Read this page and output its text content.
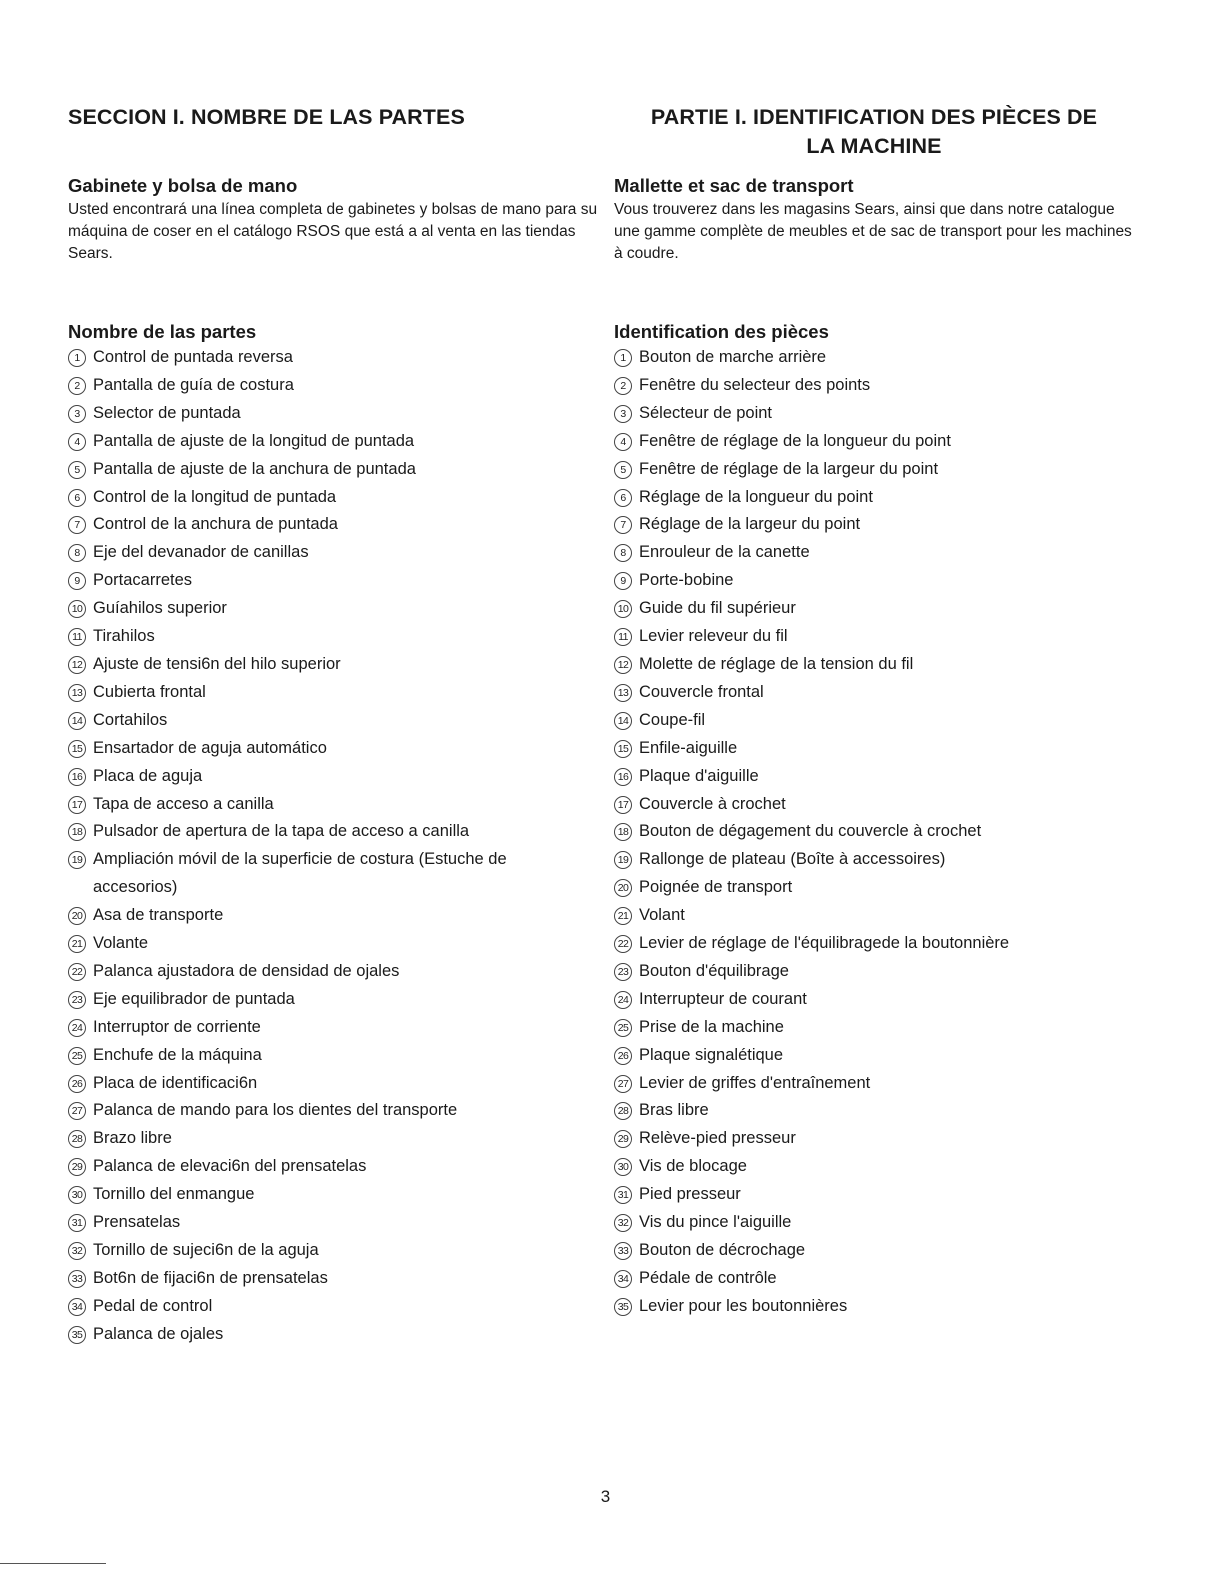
SECCION I. NOMBRE DE LAS PARTES
Gabinete y bolsa de mano

Usted encontrará una línea completa de gabinetes y bolsas de mano para su máquina de coser en el catálogo RSOS que está a al venta en las tiendas Sears.

Nombre de las partes
1 Control de puntada reversa
2 Pantalla de guía de costura
3 Selector de puntada
4 Pantalla de ajuste de la longitud de puntada
5 Pantalla de ajuste de la anchura de puntada
6 Control de la longitud de puntada
7 Control de la anchura de puntada
8 Eje del devanador de canillas
9 Portacarretes
10 Guíahilos superior
11 Tirahilos
12 Ajuste de tensi6n del hilo superior
13 Cubierta frontal
14 Cortahilos
15 Ensartador de aguja automático
16 Placa de aguja
17 Tapa de acceso a canilla
18 Pulsador de apertura de la tapa de acceso a canilla
19 Ampliación móvil de la superficie de costura (Estuche de
accesorios)
20 Asa de transporte
21 Volante
22 Palanca ajustadora de densidad de ojales
23 Eje equilibrador de puntada
24 Interruptor de corriente
25 Enchufe de la máquina
26 Placa de identificaci6n
27 Palanca de mando para los dientes del transporte
28 Brazo libre
29 Palanca de elevaci6n del prensatelas
30 Tornillo del enmangue
31 Prensatelas
32 Tornillo de sujeci6n de la aguja
33 Bot6n de fijaci6n de prensatelas
34 Pedal de control
35 Palanca de ojales
PARTIE I. IDENTIFICATION DES PIÈCES DE
LA MACHINE
Mallette et sac de transport

Vous trouverez dans les magasins Sears, ainsi que dans notre catalogue une gamme complète de meubles et de sac de transport pour les machines à coudre.

Identification des pièces
1 Bouton de marche arrière
2 Fenêtre du selecteur des points
3 Sélecteur de point
4 Fenêtre de réglage de la longueur du point
5 Fenêtre de réglage de la largeur du point
6 Réglage de la longueur du point
7 Réglage de la largeur du point
8 Enrouleur de la canette
9 Porte-bobine
10 Guide du fil supérieur
11 Levier releveur du fil
12 Molette de réglage de la tension du fil
13 Couvercle frontal
14 Coupe-fil
15 Enfile-aiguille
16 Plaque d'aiguille
17 Couvercle à crochet
18 Bouton de dégagement du couvercle à crochet
19 Rallonge de plateau (Boîte à accessoires)
20 Poignée de transport
21 Volant
22 Levier de réglage de l'équilibragede la boutonnière
23 Bouton d'équilibrage
24 Interrupteur de courant
25 Prise de la machine
26 Plaque signalétique
27 Levier de griffes d'entraînement
28 Bras libre
29 Relève-pied presseur
30 Vis de blocage
31 Pied presseur
32 Vis du pince l'aiguille
33 Bouton de décrochage
34 Pédale de contrôle
35 Levier pour les boutonnières
3
